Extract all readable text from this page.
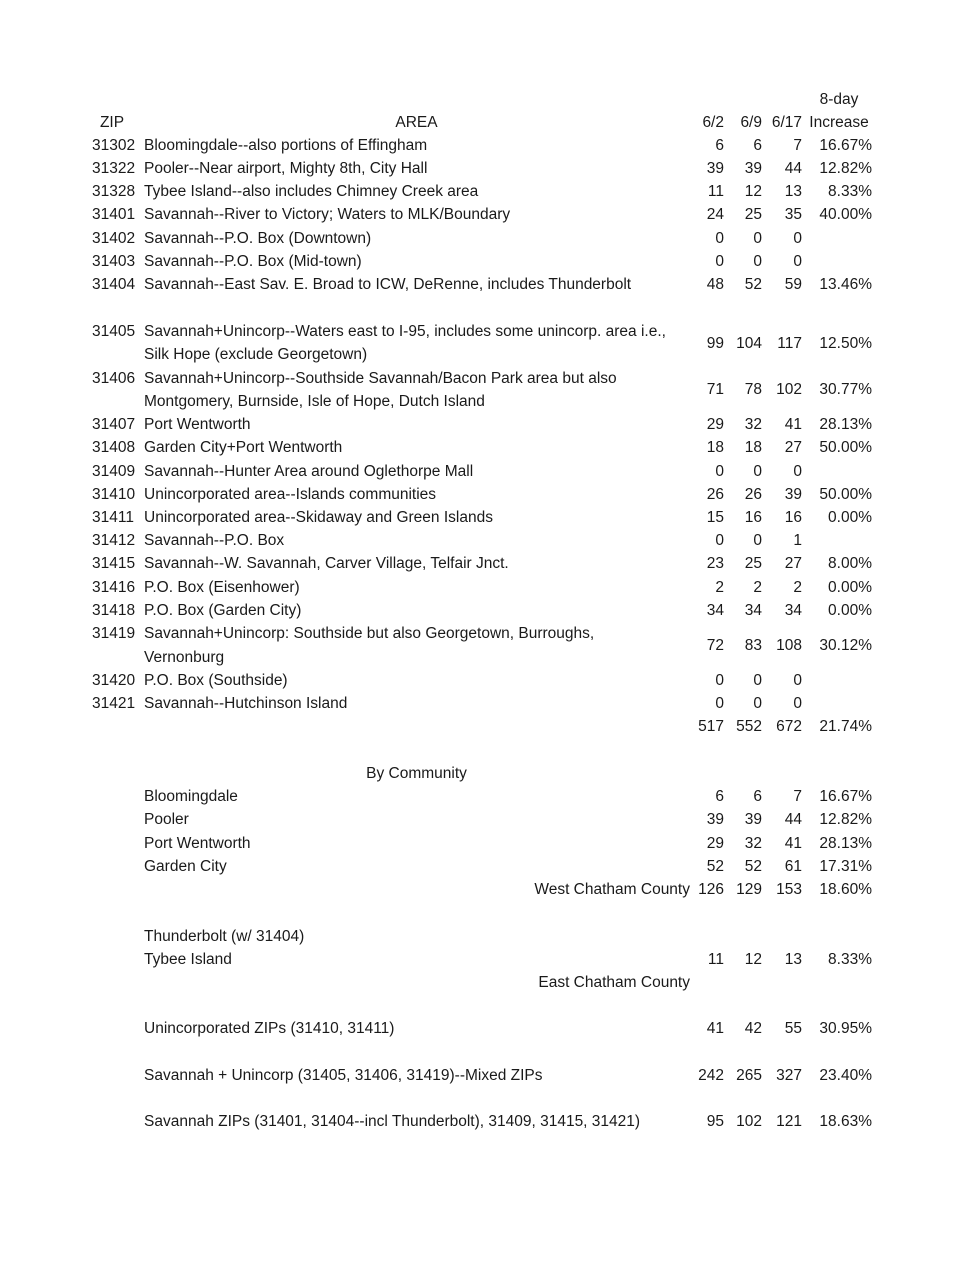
8-day
ZIP	AREA	6/2	6/9 6/17 Increase
31302 Bloomingdale--also portions of Effingham	6	6	7	16.67%
31322 Pooler--Near airport, Mighty 8th, City Hall	39	39	44	12.82%
31328 Tybee Island--also includes Chimney Creek area	11	12	13	8.33%
31401 Savannah--River to Victory; Waters to MLK/Boundary	24	25	35	40.00%
31402 Savannah--P.O. Box (Downtown)	0	0	0
31403 Savannah--P.O. Box (Mid-town)	0	0	0
31404 Savannah--East Sav. E. Broad to ICW, DeRenne, includes Thunderbolt	48	52	59	13.46%
31405 Savannah+Unincorp--Waters east to I-95, includes some unincorp. area i.e.,
Silk Hope (exclude Georgetown)
99 104 117	12.50%
31406 Savannah+Unincorp--Southside Savannah/Bacon Park area but also
Montgomery, Burnside, Isle of Hope, Dutch Island
71	78 102	30.77%
31407 Port Wentworth	29	32	41	28.13%
31408 Garden City+Port Wentworth	18	18	27	50.00%
31409 Savannah--Hunter Area around Oglethorpe Mall	0	0	0
31410 Unincorporated area--Islands communities	26	26	39	50.00%
31411 Unincorporated area--Skidaway and Green Islands	15	16	16	0.00%
31412 Savannah--P.O. Box	0	0	1
31415 Savannah--W. Savannah, Carver Village, Telfair Jnct.	23	25	27	8.00%
31416 P.O. Box (Eisenhower)	2	2	2	0.00%
31418 P.O. Box (Garden City)	34	34	34	0.00%
31419 Savannah+Unincorp: Southside but also Georgetown, Burroughs,
Vernonburg
72	83 108	30.12%
31420 P.O. Box (Southside)	0	0	0
31421 Savannah--Hutchinson Island	0	0	0
517 552 672	21.74%
By Community
Bloomingdale	6	6	7	16.67%
Pooler	39	39	44	12.82%
Port Wentworth	29	32	41	28.13%
Garden City	52	52	61	17.31%
West Chatham County 126 129 153	18.60%
Thunderbolt (w/ 31404)
Tybee Island	11	12	13	8.33%
East Chatham County
Unincorporated ZIPs (31410, 31411)	41	42	55	30.95%
Savannah + Unincorp (31405, 31406, 31419)--Mixed ZIPs	242 265 327	23.40%
Savannah ZIPs (31401, 31404--incl Thunderbolt), 31409, 31415, 31421)	95 102 121	18.63%
